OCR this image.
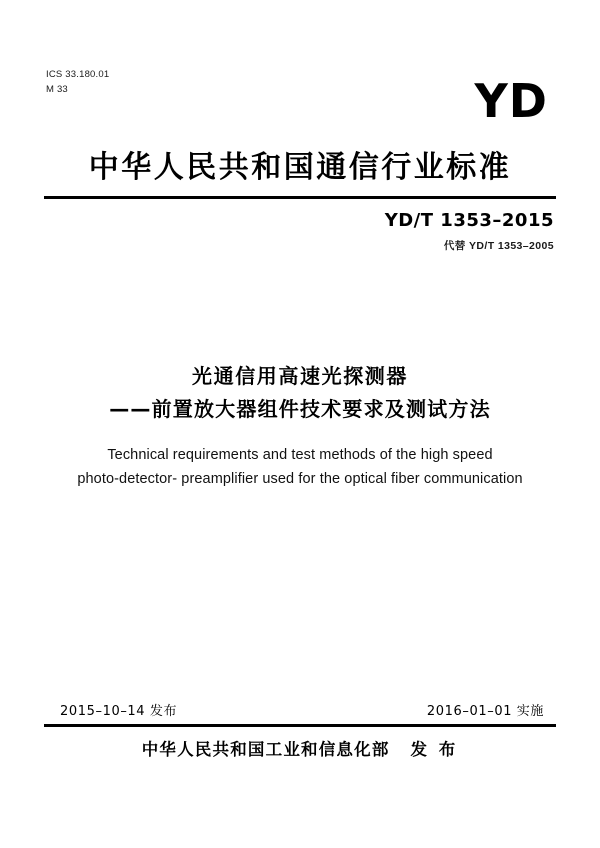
ICS 33.180.01
M 33	YD
中华人民共和国通信行业标准
YD/T 1353–2015
代替 YD/T 1353–2005
光通信用高速光探测器
——前置放大器组件技术要求及测试方法
Technical requirements and test methods of the high speed
photo-detector- preamplifier used for the optical fiber communication
2015–10–14 发布	2016–01–01 实施
中华人民共和国工业和信息化部 发 布
